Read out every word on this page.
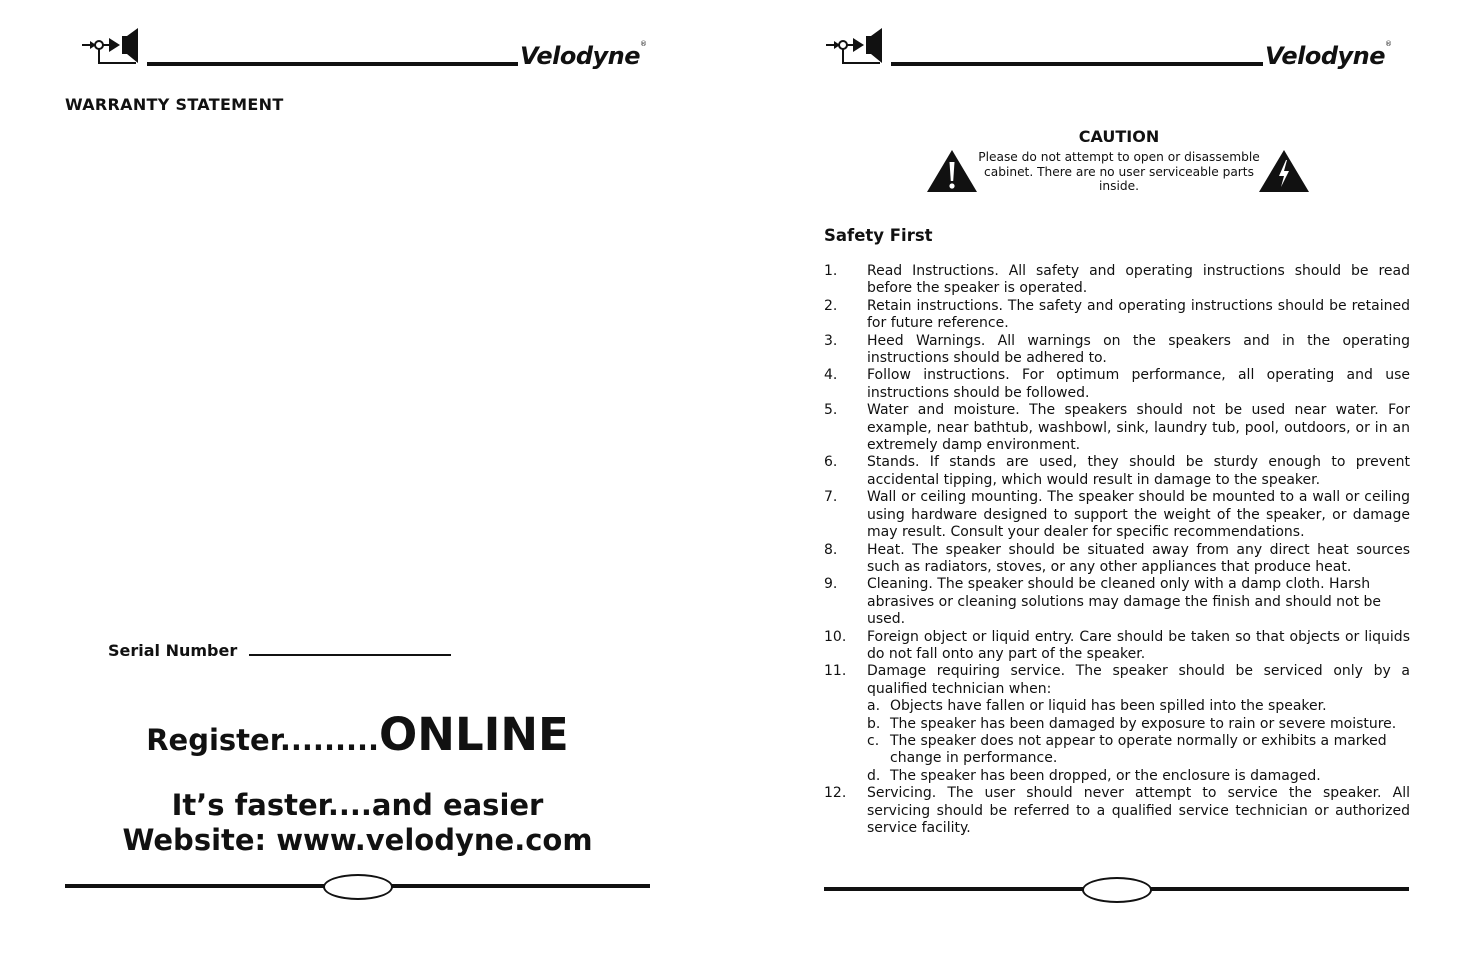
Velodyne®
WARRANTY STATEMENT
Serial Number
Register.........ONLINE
It’s faster....and easier
Website: www.velodyne.com
Velodyne®
CAUTION
Please do not attempt to open or disassemble cabinet. There are no user serviceable parts inside.
Safety First
1. Read Instructions. All safety and operating instructions should be read before the speaker is operated.
2. Retain instructions. The safety and operating instructions should be retained for future reference.
3. Heed Warnings. All warnings on the speakers and in the operating instructions should be adhered to.
4. Follow instructions. For optimum performance, all operating and use instructions should be followed.
5. Water and moisture. The speakers should not be used near water. For example, near bathtub, washbowl, sink, laundry tub, pool, outdoors, or in an extremely damp environment.
6. Stands. If stands are used, they should be sturdy enough to prevent accidental tipping, which would result in damage to the speaker.
7. Wall or ceiling mounting. The speaker should be mounted to a wall or ceiling using hardware designed to support the weight of the speaker, or damage may result. Consult your dealer for specific recommendations.
8. Heat. The speaker should be situated away from any direct heat sources such as radiators, stoves, or any other appliances that produce heat.
9. Cleaning. The speaker should be cleaned only with a damp cloth. Harsh abrasives or cleaning solutions may damage the finish and should not be used.
10. Foreign object or liquid entry. Care should be taken so that objects or liquids do not fall onto any part of the speaker.
11. Damage requiring service. The speaker should be serviced only by a qualified technician when:
a. Objects have fallen or liquid has been spilled into the speaker.
b. The speaker has been damaged by exposure to rain or severe moisture.
c. The speaker does not appear to operate normally or exhibits a marked change in performance.
d. The speaker has been dropped, or the enclosure is damaged.
12. Servicing. The user should never attempt to service the speaker. All servicing should be referred to a qualified service technician or authorized service facility.
